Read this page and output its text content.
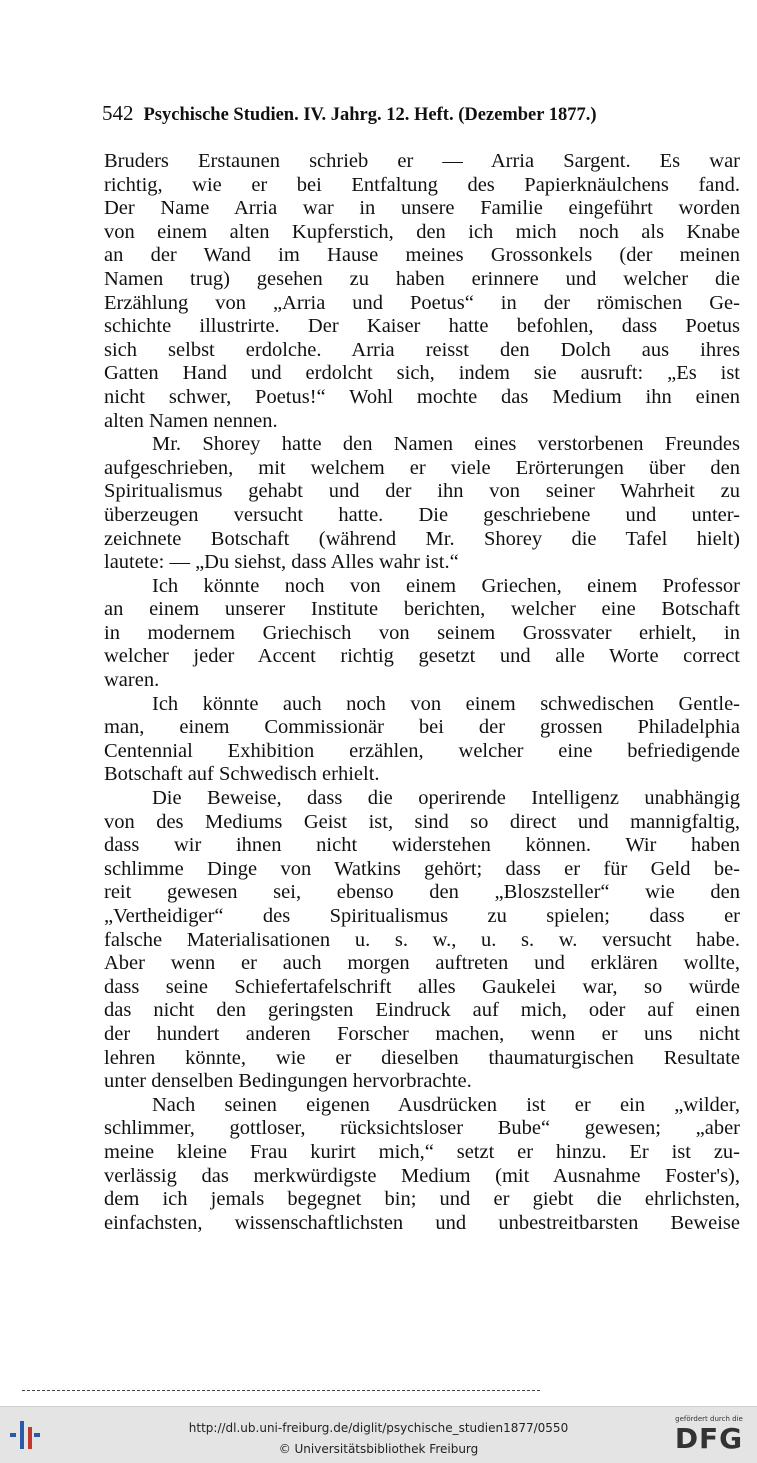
542 Psychische Studien. IV. Jahrg. 12. Heft. (Dezember 1877.)
Bruders Erstaunen schrieb er — Arria Sargent. Es war
richtig, wie er bei Entfaltung des Papierknäulchens fand.
Der Name Arria war in unsere Familie eingeführt worden
von einem alten Kupferstich, den ich mich noch als Knabe
an der Wand im Hause meines Grossonkels (der meinen
Namen trug) gesehen zu haben erinnere und welcher die
Erzählung von „Arria und Poetus“ in der römischen Ge-
schichte illustrirte. Der Kaiser hatte befohlen, dass Poetus
sich selbst erdolche. Arria reisst den Dolch aus ihres
Gatten Hand und erdolcht sich, indem sie ausruft: „Es ist
nicht schwer, Poetus!“ Wohl mochte das Medium ihn einen
alten Namen nennen.
Mr. Shorey hatte den Namen eines verstorbenen Freundes
aufgeschrieben, mit welchem er viele Erörterungen über den
Spiritualismus gehabt und der ihn von seiner Wahrheit zu
überzeugen versucht hatte. Die geschriebene und unter-
zeichnete Botschaft (während Mr. Shorey die Tafel hielt)
lautete: — „Du siehst, dass Alles wahr ist.“
Ich könnte noch von einem Griechen, einem Professor
an einem unserer Institute berichten, welcher eine Botschaft
in modernem Griechisch von seinem Grossvater erhielt, in
welcher jeder Accent richtig gesetzt und alle Worte correct
waren.
Ich könnte auch noch von einem schwedischen Gentle-
man, einem Commissionär bei der grossen Philadelphia
Centennial Exhibition erzählen, welcher eine befriedigende
Botschaft auf Schwedisch erhielt.
Die Beweise, dass die operirende Intelligenz unabhängig
von des Mediums Geist ist, sind so direct und mannigfaltig,
dass wir ihnen nicht widerstehen können. Wir haben
schlimme Dinge von Watkins gehört; dass er für Geld be-
reit gewesen sei, ebenso den „Bloszsteller“ wie den
„Vertheidiger“ des Spiritualismus zu spielen; dass er
falsche Materialisationen u. s. w., u. s. w. versucht habe.
Aber wenn er auch morgen auftreten und erklären wollte,
dass seine Schiefertafelschrift alles Gaukelei war, so würde
das nicht den geringsten Eindruck auf mich, oder auf einen
der hundert anderen Forscher machen, wenn er uns nicht
lehren könnte, wie er dieselben thaumaturgischen Resultate
unter denselben Bedingungen hervorbrachte.
Nach seinen eigenen Ausdrücken ist er ein „wilder,
schlimmer, gottloser, rücksichtsloser Bube“ gewesen; „aber
meine kleine Frau kurirt mich,“ setzt er hinzu. Er ist zu-
verlässig das merkwürdigste Medium (mit Ausnahme Foster's),
dem ich jemals begegnet bin; und er giebt die ehrlichsten,
einfachsten, wissenschaftlichsten und unbestreitbarsten Beweise
http://dl.ub.uni-freiburg.de/diglit/psychische_studien1877/0550
© Universitätsbibliothek Freiburg
gefördert durch die
DFG
